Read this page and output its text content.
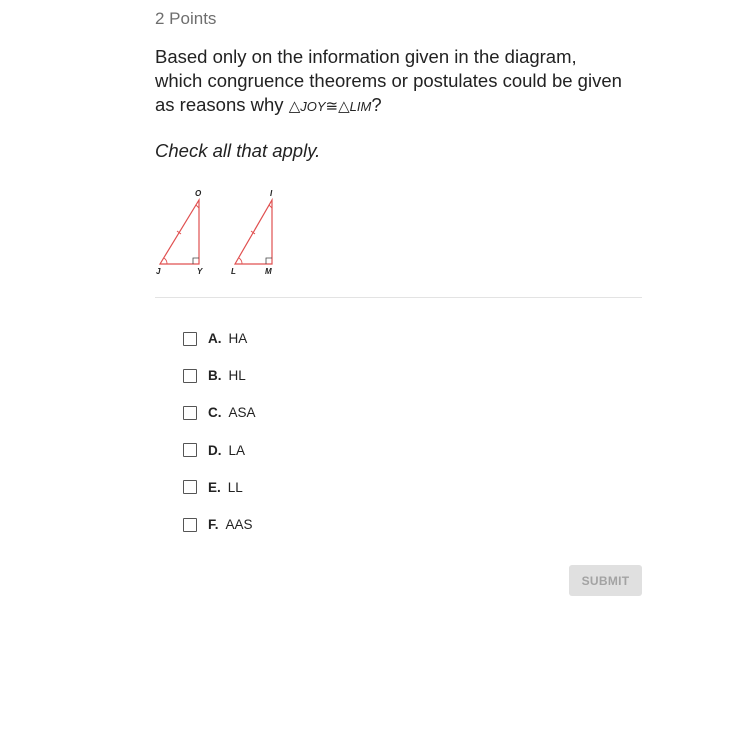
2 Points
Based only on the information given in the diagram, which congruence theorems or postulates could be given as reasons why △JOY≅△LIM?
Check all that apply.
O
J	Y
I
L	M
A. HA
B. HL
C. ASA
D. LA
E. LL
F. AAS
SUBMIT
